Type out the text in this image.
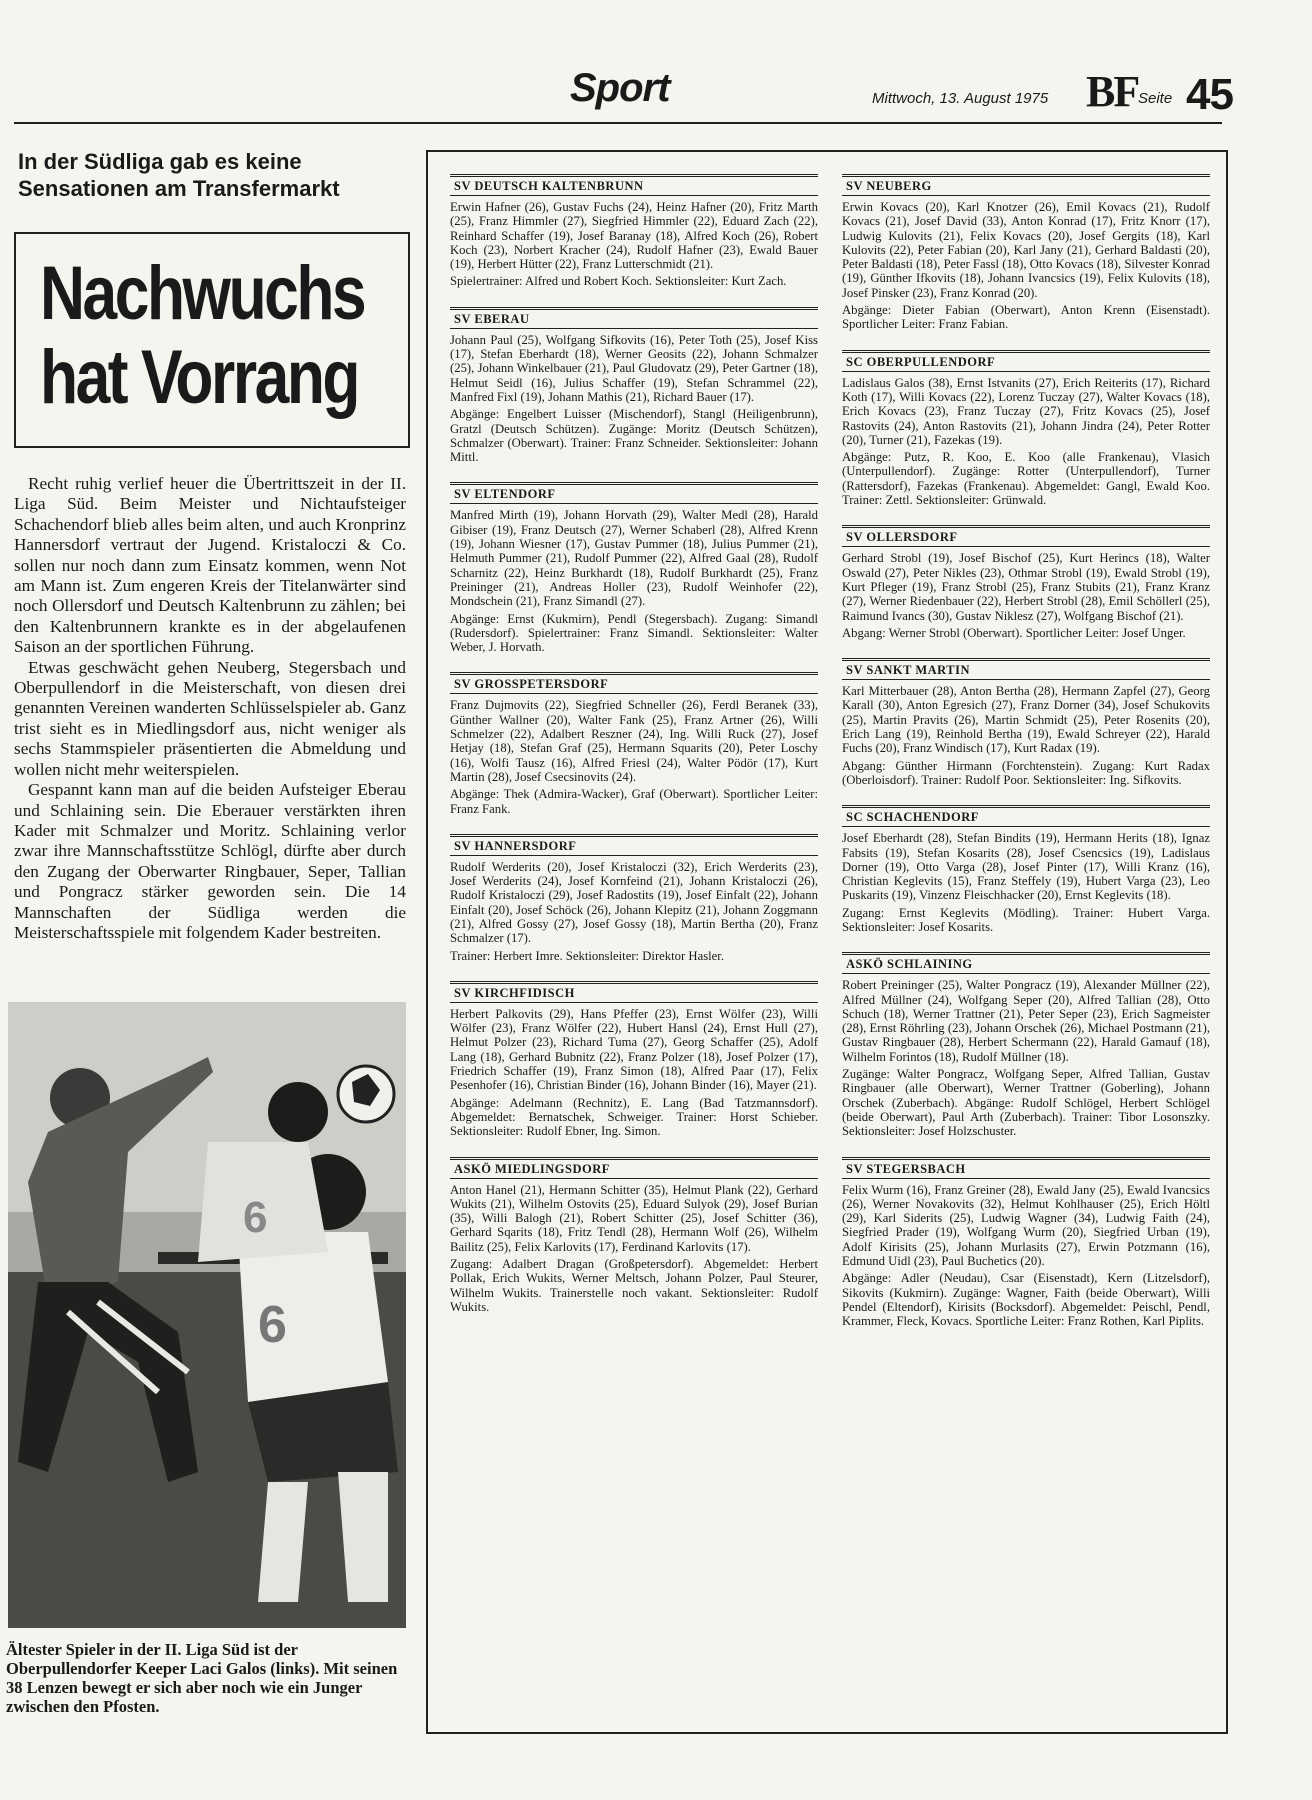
Sport	Mittwoch, 13. August 1975 BF Seite 45
In der Südliga gab es keine Sensationen am Transfermarkt
Nachwuchs
hat Vorrang

Recht ruhig verlief heuer die Übertrittszeit in der II. Liga Süd. Beim Meister und Nichtaufsteiger Schachendorf blieb alles beim alten, und auch Kronprinz Hannersdorf vertraut der Jugend. Kristaloczi & Co. sollen nur noch dann zum Einsatz kommen, wenn Not am Mann ist. Zum engeren Kreis der Titelanwärter sind noch Ollersdorf und Deutsch Kaltenbrunn zu zählen; bei den Kaltenbrunnern krankte es in der abgelaufenen Saison an der sportlichen Führung.

Etwas geschwächt gehen Neuberg, Stegersbach und Oberpullendorf in die Meisterschaft, von diesen drei genannten Vereinen wanderten Schlüsselspieler ab. Ganz trist sieht es in Miedlingsdorf aus, nicht weniger als sechs Stammspieler präsentierten die Abmeldung und wollen nicht mehr weiterspielen.

Gespannt kann man auf die beiden Aufsteiger Eberau und Schlaining sein. Die Eberauer verstärkten ihren Kader mit Schmalzer und Moritz. Schlaining verlor zwar ihre Mannschaftsstütze Schlögl, dürfte aber durch den Zugang der Oberwarter Ringbauer, Seper, Tallian und Pongracz stärker geworden sein. Die 14 Mannschaften der Südliga werden die Meisterschaftsspiele mit folgendem Kader bestreiten.

6
6
Ältester Spieler in der II. Liga Süd ist der Oberpullendorfer Keeper Laci Galos (links). Mit seinen 38 Lenzen bewegt er sich aber noch wie ein Junger zwischen den Pfosten.
SV DEUTSCH KALTENBRUNN
Erwin Hafner (26), Gustav Fuchs (24), Heinz Hafner (20), Fritz Marth (25), Franz Himmler (27), Siegfried Himmler (22), Eduard Zach (22), Reinhard Schaffer (19), Josef Baranay (18), Alfred Koch (26), Robert Koch (23), Norbert Kracher (24), Rudolf Hafner (23), Ewald Bauer (19), Herbert Hütter (22), Franz Lutterschmidt (21).
Spielertrainer: Alfred und Robert Koch. Sektionsleiter: Kurt Zach.
SV EBERAU
Johann Paul (25), Wolfgang Sifkovits (16), Peter Toth (25), Josef Kiss (17), Stefan Eberhardt (18), Werner Geosits (22), Johann Schmalzer (25), Johann Winkelbauer (21), Paul Gludovatz (29), Peter Gartner (18), Helmut Seidl (16), Julius Schaffer (19), Stefan Schrammel (22), Manfred Fixl (19), Johann Mathis (21), Richard Bauer (17).
Abgänge: Engelbert Luisser (Mischendorf), Stangl (Heiligenbrunn), Gratzl (Deutsch Schützen). Zugänge: Moritz (Deutsch Schützen), Schmalzer (Oberwart). Trainer: Franz Schneider. Sektionsleiter: Johann Mittl.
SV ELTENDORF
Manfred Mirth (19), Johann Horvath (29), Walter Medl (28), Harald Gibiser (19), Franz Deutsch (27), Werner Schaberl (28), Alfred Krenn (19), Johann Wiesner (17), Gustav Pummer (18), Julius Pummer (21), Helmuth Pummer (21), Rudolf Pummer (22), Alfred Gaal (28), Rudolf Scharnitz (22), Heinz Burkhardt (18), Rudolf Burkhardt (25), Franz Preininger (21), Andreas Holler (23), Rudolf Weinhofer (22), Mondschein (21), Franz Simandl (27).
Abgänge: Ernst (Kukmirn), Pendl (Stegersbach). Zugang: Simandl (Rudersdorf). Spielertrainer: Franz Simandl. Sektionsleiter: Walter Weber, J. Horvath.
SV GROSSPETERSDORF
Franz Dujmovits (22), Siegfried Schneller (26), Ferdl Beranek (33), Günther Wallner (20), Walter Fank (25), Franz Artner (26), Willi Schmelzer (22), Adalbert Reszner (24), Ing. Willi Ruck (27), Josef Hetjay (18), Stefan Graf (25), Hermann Squarits (20), Peter Loschy (16), Wolfi Tausz (16), Alfred Friesl (24), Walter Pödör (17), Kurt Martin (28), Josef Csecsinovits (24).
Abgänge: Thek (Admira-Wacker), Graf (Oberwart). Sportlicher Leiter: Franz Fank.
SV HANNERSDORF
Rudolf Werderits (20), Josef Kristaloczi (32), Erich Werderits (23), Josef Werderits (24), Josef Kornfeind (21), Johann Kristaloczi (26), Rudolf Kristaloczi (29), Josef Radostits (19), Josef Einfalt (22), Johann Einfalt (20), Josef Schöck (26), Johann Klepitz (21), Johann Zoggmann (21), Alfred Gossy (27), Josef Gossy (18), Martin Bertha (20), Franz Schmalzer (17).
Trainer: Herbert Imre. Sektionsleiter: Direktor Hasler.
SV KIRCHFIDISCH
Herbert Palkovits (29), Hans Pfeffer (23), Ernst Wölfer (23), Willi Wölfer (23), Franz Wölfer (22), Hubert Hansl (24), Ernst Hull (27), Helmut Polzer (23), Richard Tuma (27), Georg Schaffer (25), Adolf Lang (18), Gerhard Bubnitz (22), Franz Polzer (18), Josef Polzer (17), Friedrich Schaffer (19), Franz Simon (18), Alfred Paar (17), Felix Pesenhofer (16), Christian Binder (16), Johann Binder (16), Mayer (21).
Abgänge: Adelmann (Rechnitz), E. Lang (Bad Tatzmannsdorf). Abgemeldet: Bernatschek, Schweiger. Trainer: Horst Schieber. Sektionsleiter: Rudolf Ebner, Ing. Simon.
ASKÖ MIEDLINGSDORF
Anton Hanel (21), Hermann Schitter (35), Helmut Plank (22), Gerhard Wukits (21), Wilhelm Ostovits (25), Eduard Sulyok (29), Josef Burian (35), Willi Balogh (21), Robert Schitter (25), Josef Schitter (36), Gerhard Sqarits (18), Fritz Tendl (28), Hermann Wolf (26), Wilhelm Bailitz (25), Felix Karlovits (17), Ferdinand Karlovits (17).
Zugang: Adalbert Dragan (Großpetersdorf). Abgemeldet: Herbert Pollak, Erich Wukits, Werner Meltsch, Johann Polzer, Paul Steurer, Wilhelm Wukits. Trainerstelle noch vakant. Sektionsleiter: Rudolf Wukits.
SV NEUBERG
Erwin Kovacs (20), Karl Knotzer (26), Emil Kovacs (21), Rudolf Kovacs (21), Josef David (33), Anton Konrad (17), Fritz Knorr (17), Ludwig Kulovits (21), Felix Kovacs (20), Josef Gergits (18), Karl Kulovits (22), Peter Fabian (20), Karl Jany (21), Gerhard Baldasti (20), Peter Baldasti (18), Peter Fassl (18), Otto Kovacs (18), Silvester Konrad (19), Günther Ifkovits (18), Johann Ivancsics (19), Felix Kulovits (18), Josef Pinsker (23), Franz Konrad (20).
Abgänge: Dieter Fabian (Oberwart), Anton Krenn (Eisenstadt). Sportlicher Leiter: Franz Fabian.
SC OBERPULLENDORF
Ladislaus Galos (38), Ernst Istvanits (27), Erich Reiterits (17), Richard Koth (17), Willi Kovacs (22), Lorenz Tuczay (27), Walter Kovacs (18), Erich Kovacs (23), Franz Tuczay (27), Fritz Kovacs (25), Josef Rastovits (24), Anton Rastovits (21), Johann Jindra (24), Peter Rotter (20), Turner (21), Fazekas (19).
Abgänge: Putz, R. Koo, E. Koo (alle Frankenau), Vlasich (Unterpullendorf). Zugänge: Rotter (Unterpullendorf), Turner (Rattersdorf), Fazekas (Frankenau). Abgemeldet: Gangl, Ewald Koo. Trainer: Zettl. Sektionsleiter: Grünwald.
SV OLLERSDORF
Gerhard Strobl (19), Josef Bischof (25), Kurt Herincs (18), Walter Oswald (27), Peter Nikles (23), Othmar Strobl (19), Ewald Strobl (19), Kurt Pfleger (19), Franz Strobl (25), Franz Stubits (21), Franz Kranz (27), Werner Riedenbauer (22), Herbert Strobl (28), Emil Schöllerl (25), Raimund Ivancs (30), Gustav Niklesz (27), Wolfgang Bischof (21).
Abgang: Werner Strobl (Oberwart). Sportlicher Leiter: Josef Unger.
SV SANKT MARTIN
Karl Mitterbauer (28), Anton Bertha (28), Hermann Zapfel (27), Georg Karall (30), Anton Egresich (27), Franz Dorner (34), Josef Schukovits (25), Martin Pravits (26), Martin Schmidt (25), Peter Rosenits (20), Erich Lang (19), Reinhold Bertha (19), Ewald Schreyer (22), Harald Fuchs (20), Franz Windisch (17), Kurt Radax (19).
Abgang: Günther Hirmann (Forchtenstein). Zugang: Kurt Radax (Oberloisdorf). Trainer: Rudolf Poor. Sektionsleiter: Ing. Sifkovits.
SC SCHACHENDORF
Josef Eberhardt (28), Stefan Bindits (19), Hermann Herits (18), Ignaz Fabsits (19), Stefan Kosarits (28), Josef Csencsics (19), Ladislaus Dorner (19), Otto Varga (28), Josef Pinter (17), Willi Kranz (16), Christian Keglevits (15), Franz Steffely (19), Hubert Varga (23), Leo Puskarits (19), Vinzenz Fleischhacker (20), Ernst Keglevits (18).
Zugang: Ernst Keglevits (Mödling). Trainer: Hubert Varga. Sektionsleiter: Josef Kosarits.
ASKÖ SCHLAINING
Robert Preininger (25), Walter Pongracz (19), Alexander Müllner (22), Alfred Müllner (24), Wolfgang Seper (20), Alfred Tallian (28), Otto Schuch (18), Werner Trattner (21), Peter Seper (23), Erich Sagmeister (28), Ernst Röhrling (23), Johann Orschek (26), Michael Postmann (21), Gustav Ringbauer (28), Herbert Schermann (22), Harald Gamauf (18), Wilhelm Forintos (18), Rudolf Müllner (18).
Zugänge: Walter Pongracz, Wolfgang Seper, Alfred Tallian, Gustav Ringbauer (alle Oberwart), Werner Trattner (Goberling), Johann Orschek (Zuberbach). Abgänge: Rudolf Schlögel, Herbert Schlögel (beide Oberwart), Paul Arth (Zuberbach). Trainer: Tibor Losonszky. Sektionsleiter: Josef Holzschuster.
SV STEGERSBACH
Felix Wurm (16), Franz Greiner (28), Ewald Jany (25), Ewald Ivancsics (26), Werner Novakovits (32), Helmut Kohlhauser (25), Erich Höltl (29), Karl Siderits (25), Ludwig Wagner (34), Ludwig Faith (24), Siegfried Prader (19), Wolfgang Wurm (20), Siegfried Urban (19), Adolf Kirisits (25), Johann Murlasits (27), Erwin Potzmann (16), Edmund Uidl (23), Paul Buchetics (20).
Abgänge: Adler (Neudau), Csar (Eisenstadt), Kern (Litzelsdorf), Sikovits (Kukmirn). Zugänge: Wagner, Faith (beide Oberwart), Willi Pendel (Eltendorf), Kirisits (Bocksdorf). Abgemeldet: Peischl, Pendl, Krammer, Fleck, Kovacs. Sportliche Leiter: Franz Rothen, Karl Piplits.
